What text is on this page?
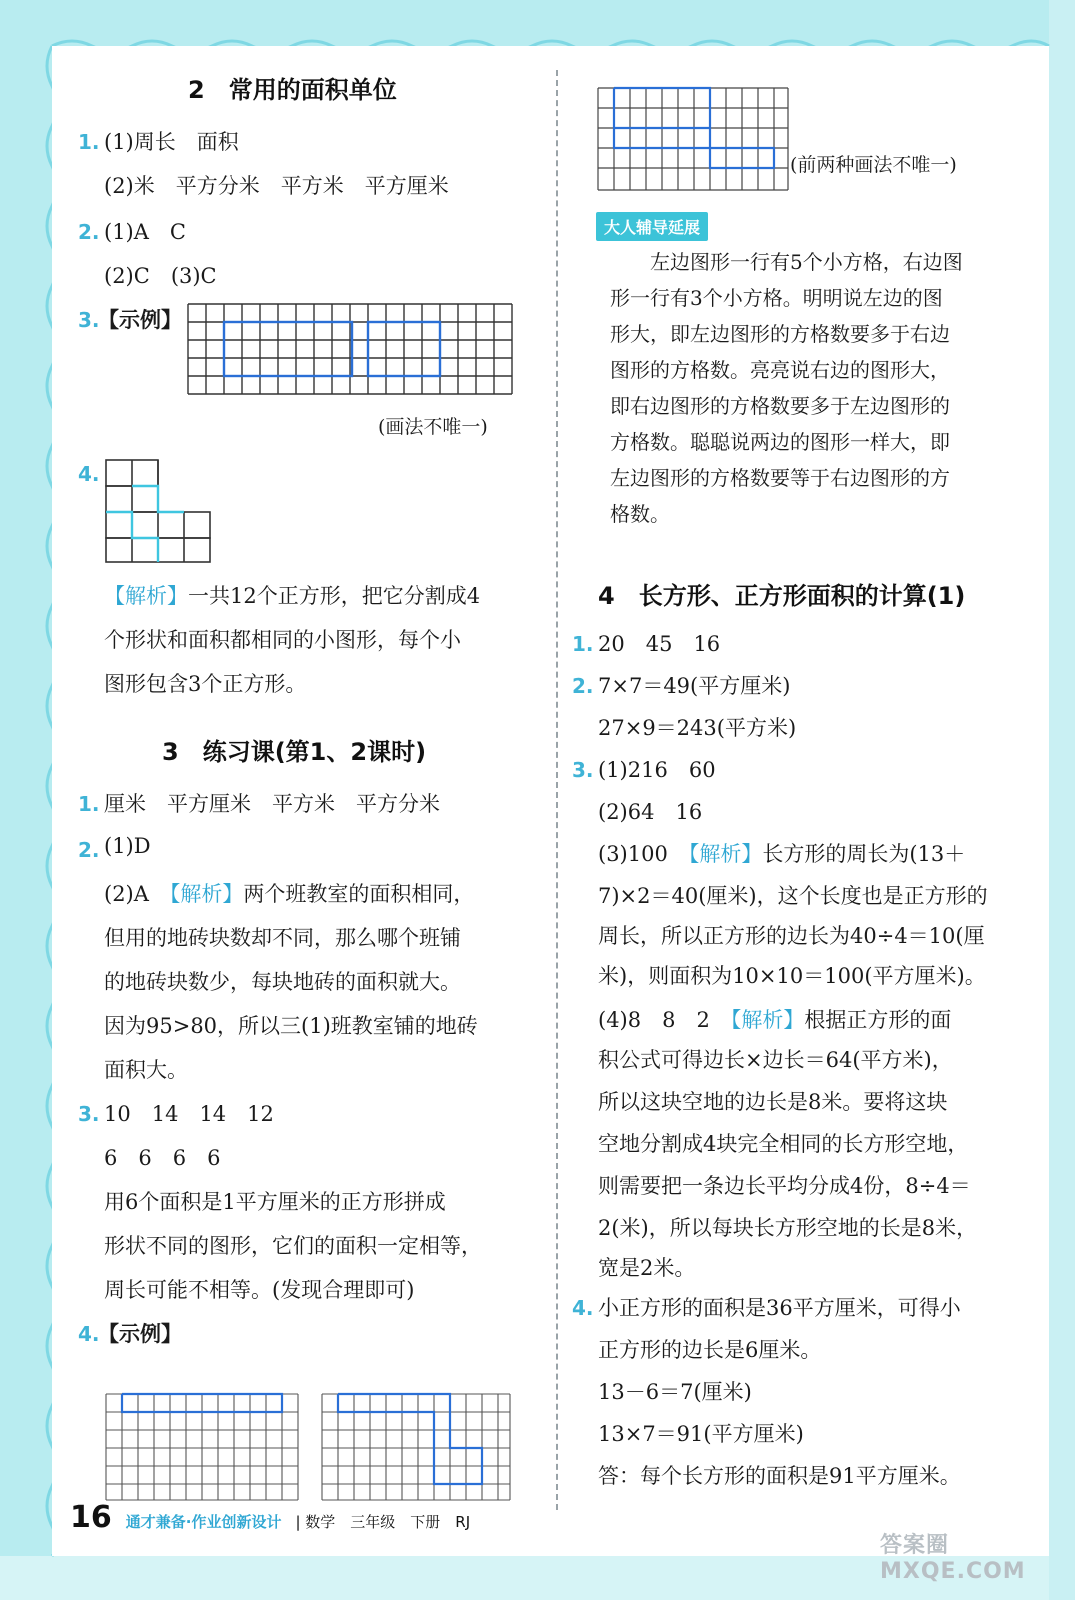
2　常用的面积单位
1. (1)周长　面积
(2)米　平方分米　平方米　平方厘米
2. (1)A　C
(2)C　(3)C
3.
【示例】
(画法不唯一)
4.
【解析】一共12个正方形，把它分割成4
个形状和面积都相同的小图形，每个小
图形包含3个正方形。
3　练习课(第1、2课时)
1. 厘米　平方厘米　平方米　平方分米
2. (1)D
(2)A　 【解析】两个班教室的面积相同，
但用的地砖块数却不同，那么哪个班铺
的地砖块数少，每块地砖的面积就大。
因为95>80，所以三(1)班教室铺的地砖
面积大。
3. 10　14　14　12
6　6　6　6
用6个面积是1平方厘米的正方形拼成
形状不同的图形，它们的面积一定相等，
周长可能不相等。(发现合理即可)
4.
【示例】
(前两种画法不唯一)
大人辅导延展
　　左边图形一行有5个小方格，右边图
形一行有3个小方格。明明说左边的图
形大，即左边图形的方格数要多于右边
图形的方格数。亮亮说右边的图形大，
即右边图形的方格数要多于左边图形的
方格数。聪聪说两边的图形一样大，即
左边图形的方格数要等于右边图形的方
格数。
4　长方形、正方形面积的计算(1)
1. 20　45　16
2. 7×7＝49(平方厘米)
27×9＝243(平方米)
3. (1)216　60
(2)64　16
(3)100　 【解析】长方形的周长为(13＋
7)×2＝40(厘米)，这个长度也是正方形的
周长，所以正方形的边长为40÷4＝10(厘
米)，则面积为10×10＝100(平方厘米)。
(4)8　8　2　 【解析】根据正方形的面
积公式可得边长×边长＝64(平方米)，
所以这块空地的边长是8米。要将这块
空地分割成4块完全相同的长方形空地，
则需要把一条边长平均分成4份，8÷4＝
2(米)，所以每块长方形空地的长是8米，
宽是2米。
4. 小正方形的面积是36平方厘米，可得小
正方形的边长是6厘米。
13－6＝7(厘米)
13×7＝91(平方厘米)
答：每个长方形的面积是91平方厘米。
16 通才兼备·作业创新设计 | 数学　三年级　下册　RJ
答案圈 MXQE.COM
